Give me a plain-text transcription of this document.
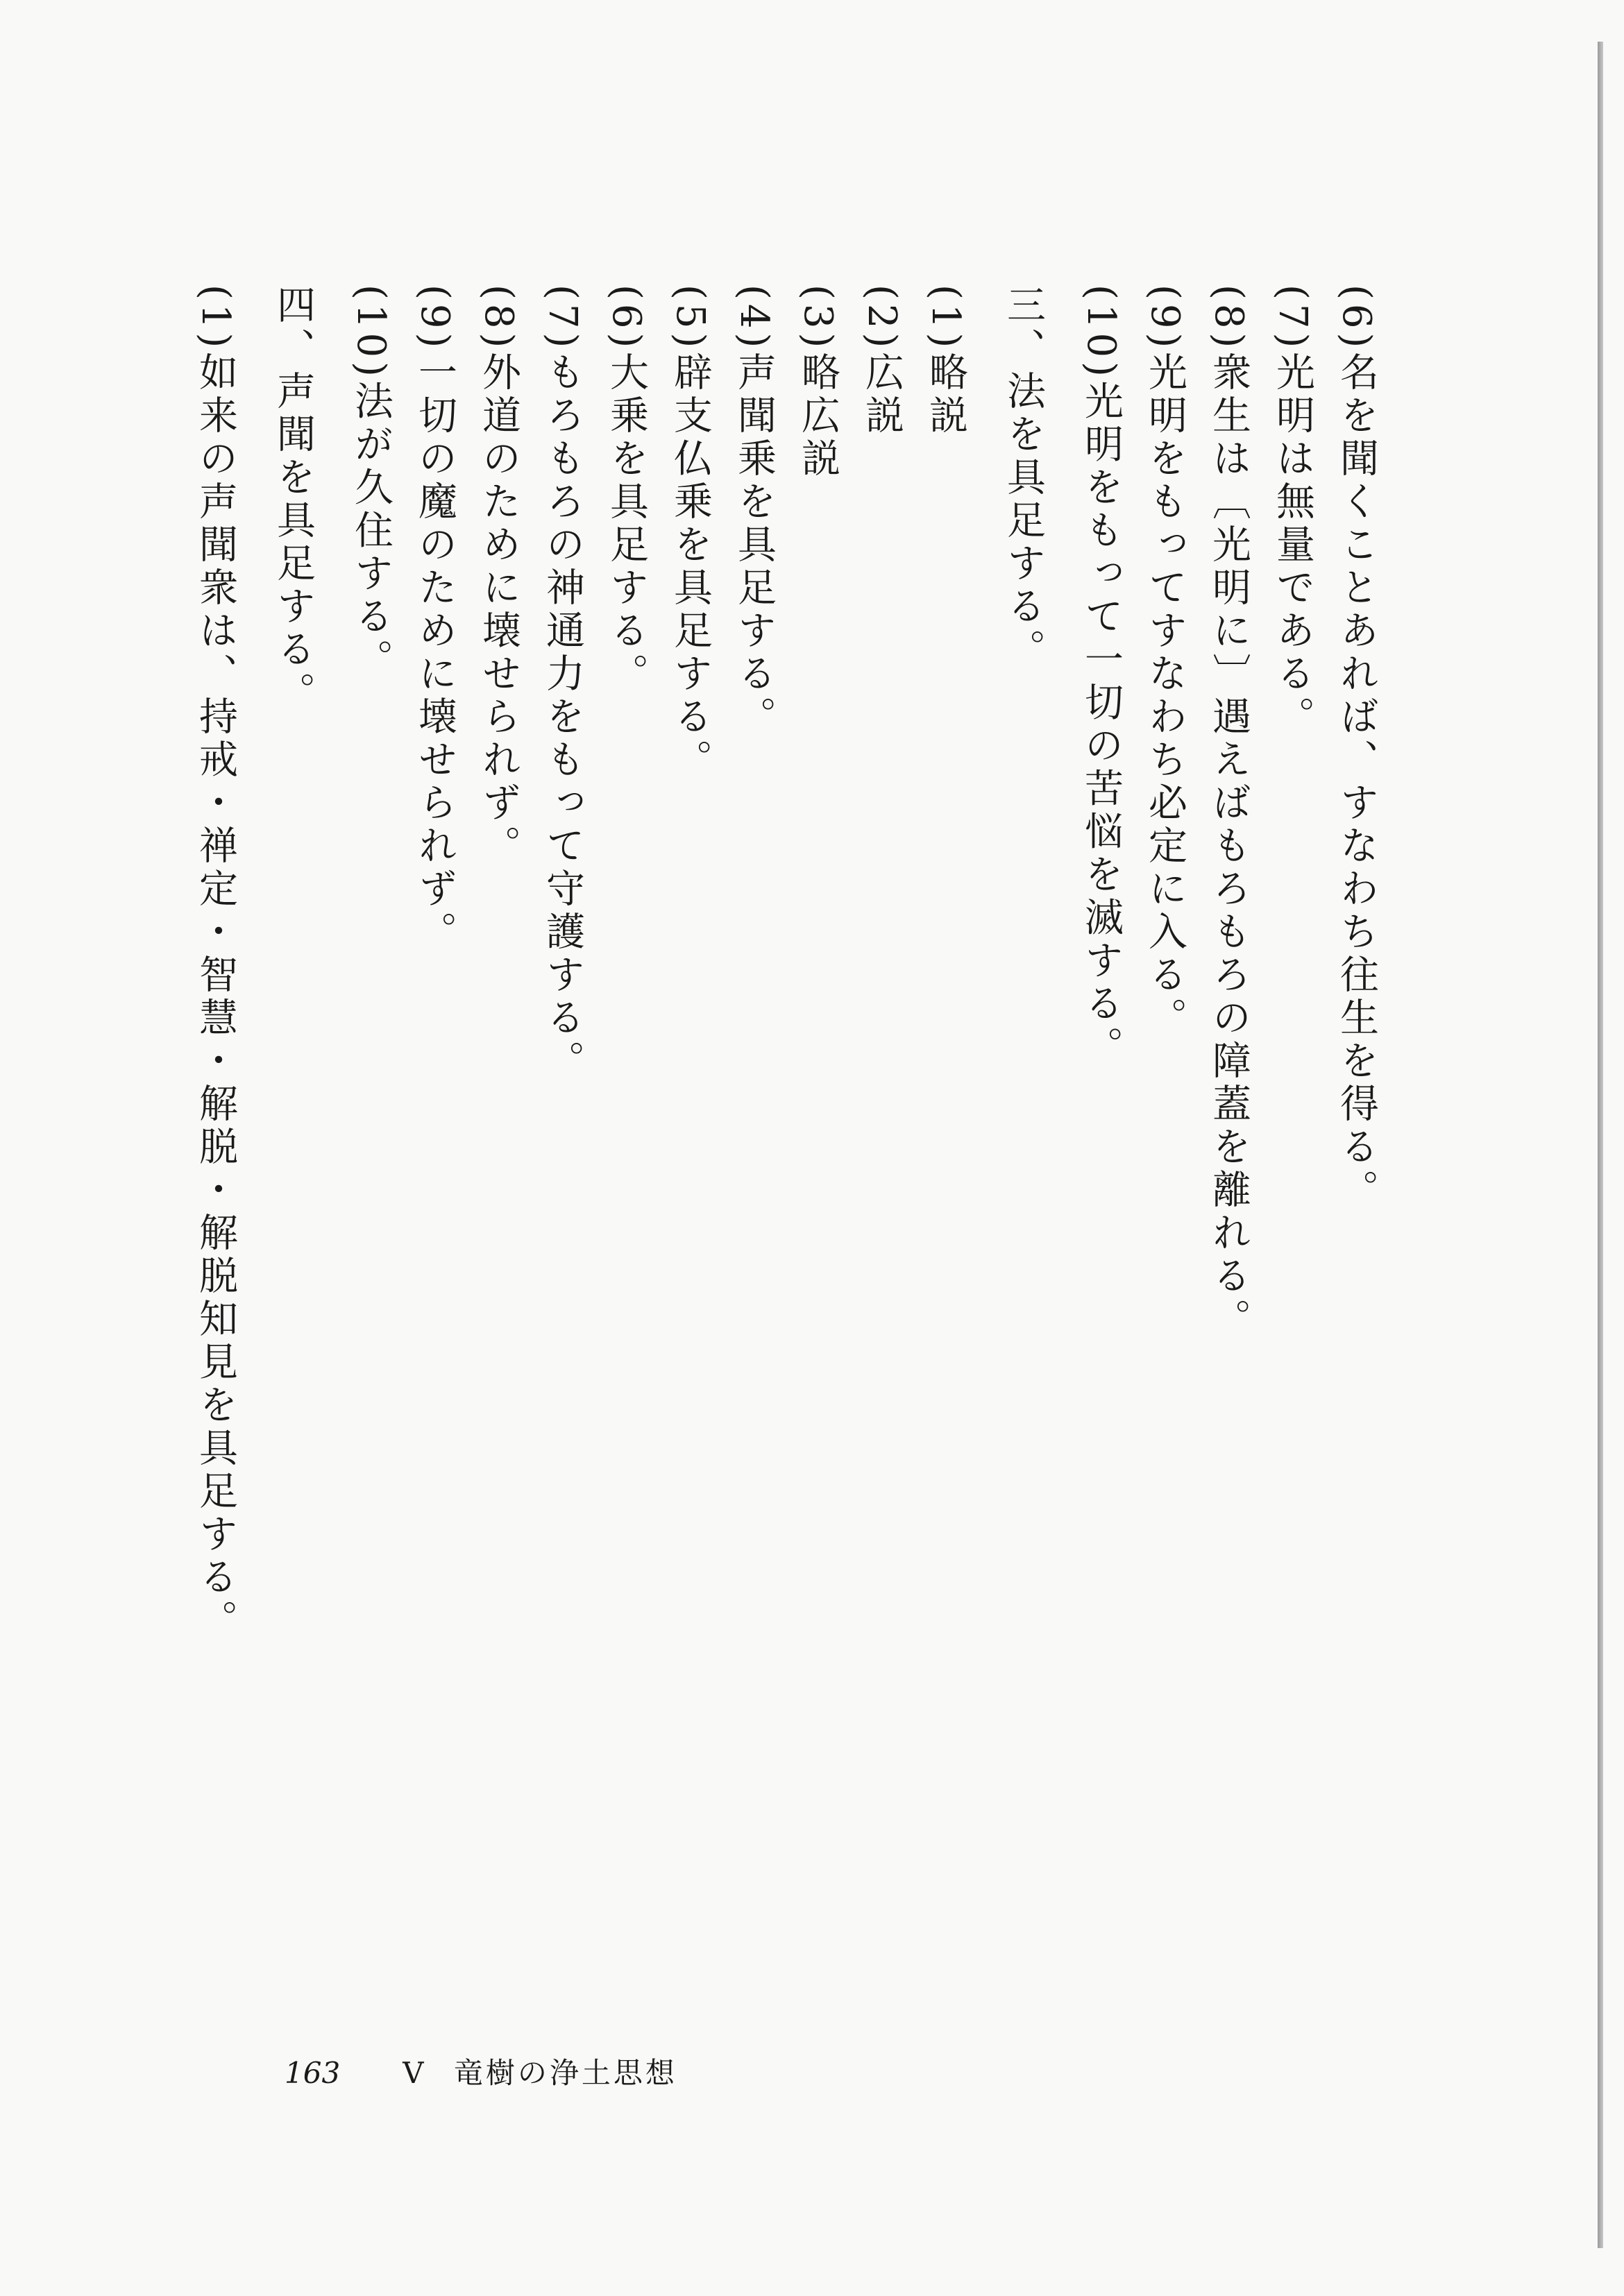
(6)名を聞くことあれば、すなわち往生を得る。
(7)光明は無量である。
(8)衆生は〔光明に〕遇えばもろもろの障蓋を離れる。
(9)光明をもってすなわち必定に入る。
(10)光明をもって一切の苦悩を滅する。
三、法を具足する。
(1)略説
(2)広説
(3)略広説
(4)声聞乗を具足する。
(5)辟支仏乗を具足する。
(6)大乗を具足する。
(7)もろもろの神通力をもって守護する。
(8)外道のために壊せられず。
(9)一切の魔のために壊せられず。
(10)法が久住する。
四、声聞を具足する。
(1)如来の声聞衆は、持戒・禅定・智慧・解脱・解脱知見を具足する。
163 V 竜樹の浄土思想
